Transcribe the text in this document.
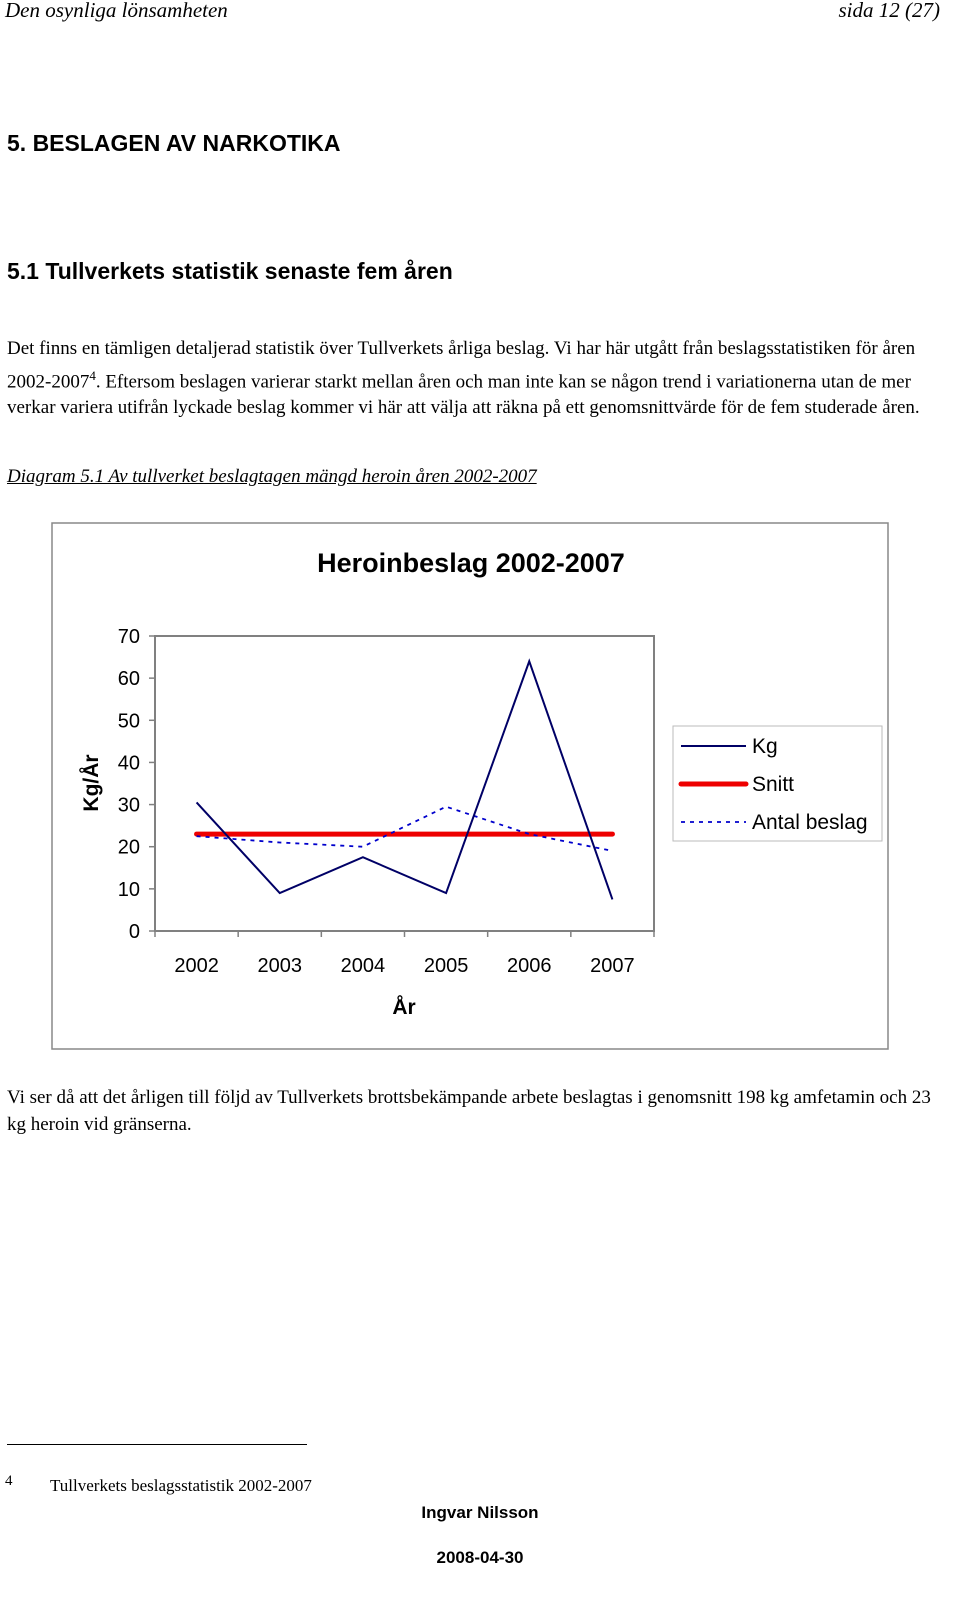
Den osynliga lönsamheten	sida 12 (27)
5. BESLAGEN AV NARKOTIKA
5.1 Tullverkets statistik senaste fem åren
Det finns en tämligen detaljerad statistik över Tullverkets årliga beslag. Vi har här utgått från beslagsstatistiken för åren 2002-2007$^4$. Eftersom beslagen varierar starkt mellan åren och man inte kan se någon trend i variationerna utan de mer verkar variera utifrån lyckade beslag kommer vi här att välja att räkna på ett genomsnittvärde för de fem studerade åren.
Diagram 5.1 Av tullverket beslagtagen mängd heroin åren 2002-2007
Heroinbeslag 2002-2007
0
10
20
30
40
50
60
70
2002 2003 2004 2005 2006 2007
Kg/År
År
Kg
Snitt
Antal beslag
Vi ser då att det årligen till följd av Tullverkets brottsbekämpande arbete beslagtas i genomsnitt 198 kg amfetamin och 23 kg heroin vid gränserna.
4 Tullverkets beslagsstatistik 2002-2007
Ingvar Nilsson
2008-04-30
